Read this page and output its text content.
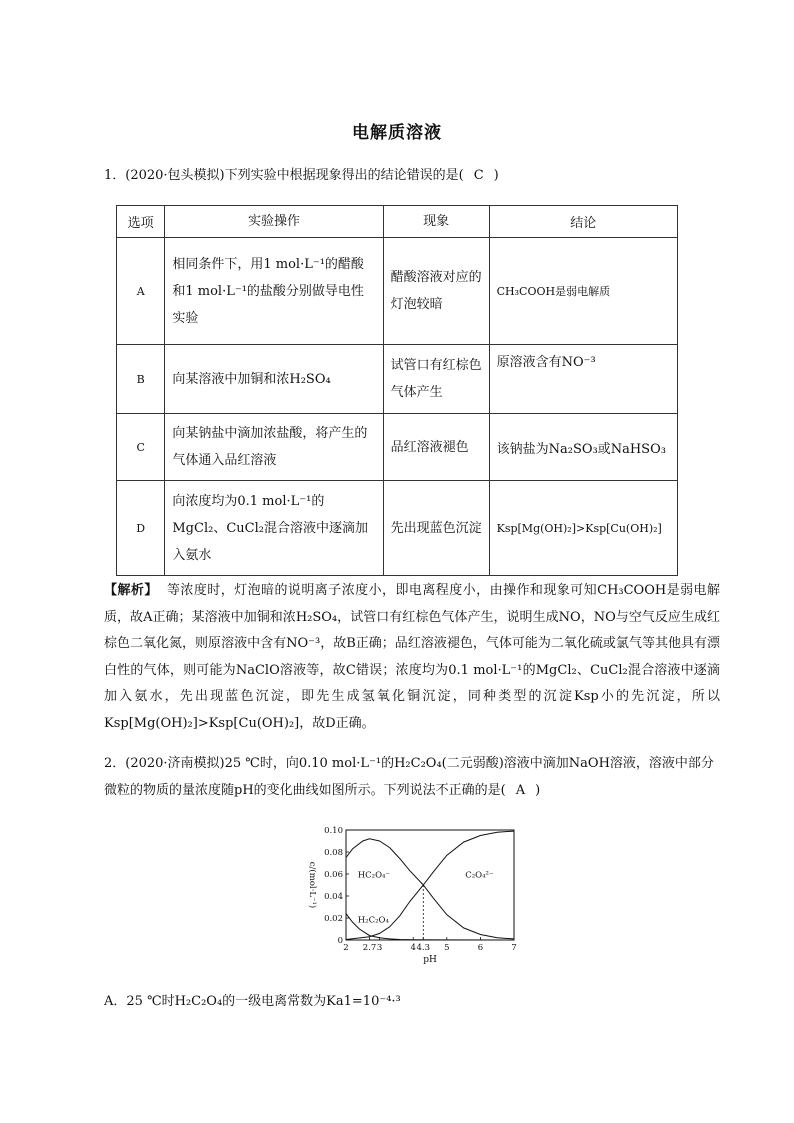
电解质溶液
1．(2020·包头模拟)下列实验中根据现象得出的结论错误的是( C )
选项	实验操作	现象	结论
A	相同条件下，用1 mol·L⁻¹的醋酸和1 mol·L⁻¹的盐酸分别做导电性实验	醋酸溶液对应的灯泡较暗	CH₃COOH是弱电解质
B	向某溶液中加铜和浓H₂SO₄	试管口有红棕色气体产生	原溶液含有NO⁻³
C	向某钠盐中滴加浓盐酸，将产生的气体通入品红溶液	品红溶液褪色	该钠盐为Na₂SO₃或NaHSO₃
D	向浓度均为0.1 mol·L⁻¹的MgCl₂、CuCl₂混合溶液中逐滴加入氨水	先出现蓝色沉淀	Ksp[Mg(OH)₂]>Ksp[Cu(OH)₂]
【解析】 等浓度时，灯泡暗的说明离子浓度小，即电离程度小，由操作和现象可知CH₃COOH是弱电解质，故A正确；某溶液中加铜和浓H₂SO₄，试管口有红棕色气体产生，说明生成NO，NO与空气反应生成红棕色二氧化氮，则原溶液中含有NO⁻³，故B正确；品红溶液褪色，气体可能为二氧化硫或氯气等其他具有漂白性的气体，则可能为NaClO溶液等，故C错误；浓度均为0.1 mol·L⁻¹的MgCl₂、CuCl₂混合溶液中逐滴加入氨水，先出现蓝色沉淀，即先生成氢氧化铜沉淀，同种类型的沉淀Ksp小的先沉淀，所以Ksp[Mg(OH)₂]>Ksp[Cu(OH)₂]，故D正确。
2．(2020·济南模拟)25 ℃时，向0.10 mol·L⁻¹的H₂C₂O₄(二元弱酸)溶液中滴加NaOH溶液，溶液中部分微粒的物质的量浓度随pH的变化曲线如图所示。下列说法不正确的是( A )
2 2.7 3	4 4.3 5	6	7
0
0.02
0.04
0.06
0.08
0.10
pH
c/(mol·L⁻¹)	HC₂O₄⁻	C₂O₄²⁻
H₂C₂O₄
A．25 ℃时H₂C₂O₄的一级电离常数为Ka1=10⁻⁴·³
